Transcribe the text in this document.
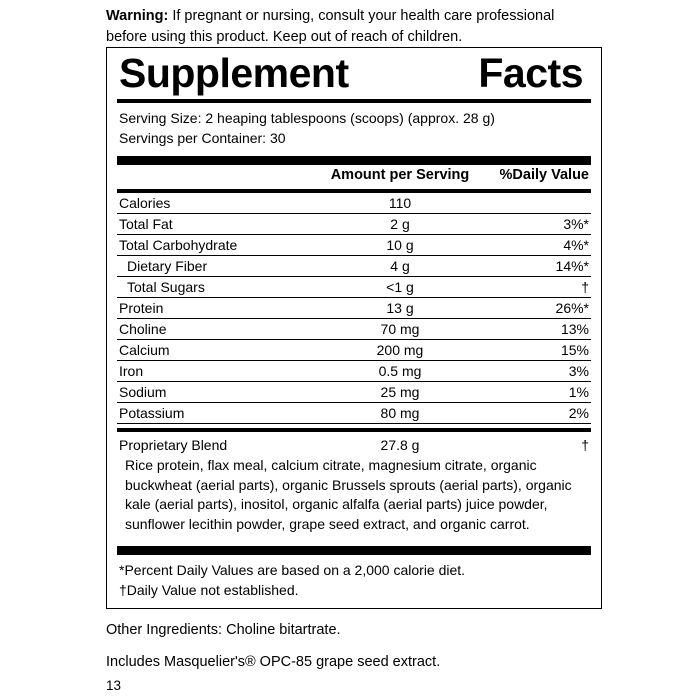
Warning: If pregnant or nursing, consult your health care professional before using this product. Keep out of reach of children.
Supplement	Facts
Serving Size: 2 heaping tablespoons (scoops) (approx. 28 g)
Servings per Container: 30
	Amount per Serving	%Daily Value
Calories	110	
Total Fat	2 g	3%*
Total Carbohydrate	10 g	4%*
Dietary Fiber	4 g	14%*
Total Sugars	<1 g	†
Protein	13 g	26%*
Choline	70 mg	13%
Calcium	200 mg	15%
Iron	0.5 mg	3%
Sodium	25 mg	1%
Potassium	80 mg	2%
Proprietary Blend	27.8 g	†
Rice protein, flax meal, calcium citrate, magnesium citrate, organic buckwheat (aerial parts), organic Brussels sprouts (aerial parts), organic kale (aerial parts), inositol, organic alfalfa (aerial parts) juice powder, sunflower lecithin powder, grape seed extract, and organic carrot.
*Percent Daily Values are based on a 2,000 calorie diet.
†Daily Value not established.
Other Ingredients: Choline bitartrate.
Includes Masquelier's® OPC-85 grape seed extract.
13
